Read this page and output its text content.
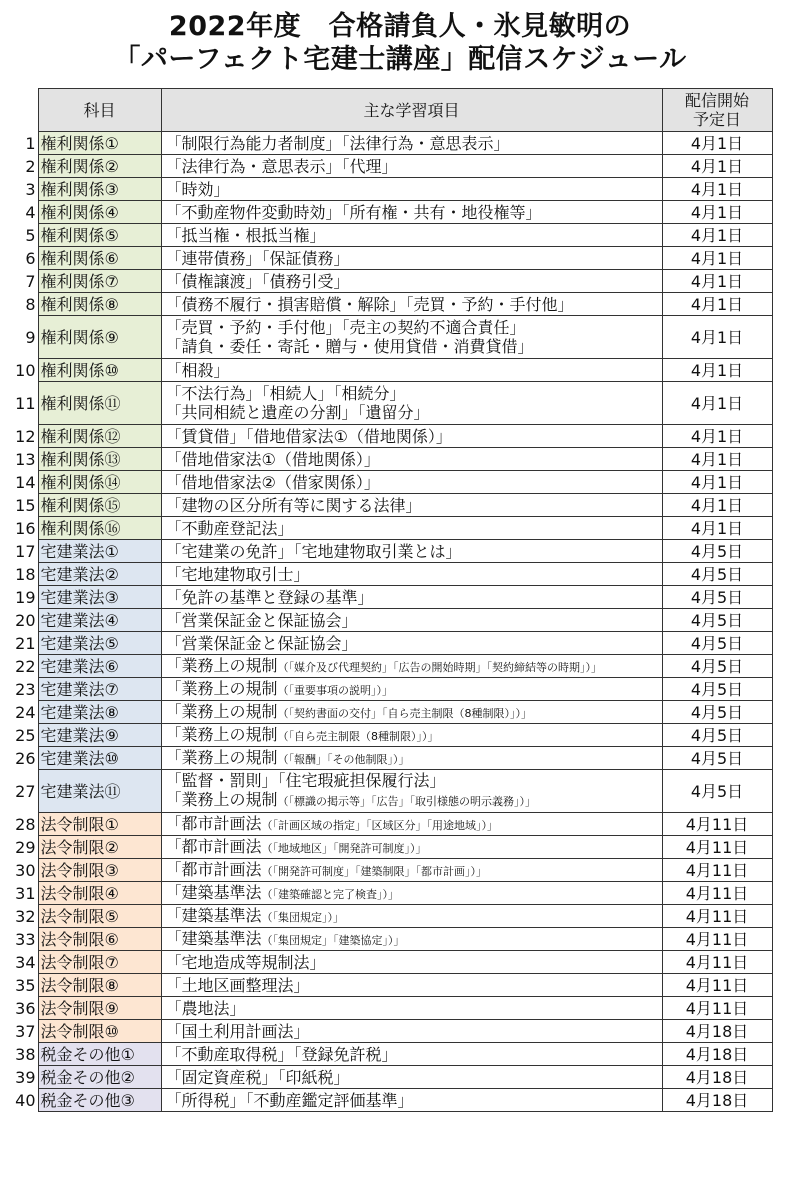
2022年度　合格請負人・氷見敏明の
「パーフェクト宅建士講座」配信スケジュール
	科目	主な学習項目	配信開始
予定日

1	権利関係①	「制限行為能力者制度」「法律行為・意思表示」	4月1日
2	権利関係②	「法律行為・意思表示」「代理」	4月1日
3	権利関係③	「時効」	4月1日
4	権利関係④	「不動産物件変動時効」「所有権・共有・地役権等」	4月1日
5	権利関係⑤	「抵当権・根抵当権」	4月1日
6	権利関係⑥	「連帯債務」「保証債務」	4月1日
7	権利関係⑦	「債権譲渡」「債務引受」	4月1日
8	権利関係⑧	「債務不履行・損害賠償・解除」「売買・予約・手付他」	4月1日
9	権利関係⑨	「売買・予約・手付他」「売主の契約不適合責任」
「請負・委任・寄託・贈与・使用貸借・消費貸借」	4月1日
10	権利関係⑩	「相殺」	4月1日
11	権利関係⑪	「不法行為」「相続人」「相続分」
「共同相続と遺産の分割」「遺留分」	4月1日
12	権利関係⑫	「賃貸借」「借地借家法①（借地関係）」	4月1日
13	権利関係⑬	「借地借家法①（借地関係）」	4月1日
14	権利関係⑭	「借地借家法②（借家関係）」	4月1日
15	権利関係⑮	「建物の区分所有等に関する法律」	4月1日
16	権利関係⑯	「不動産登記法」	4月1日
17	宅建業法①	「宅建業の免許」「宅地建物取引業とは」	4月5日
18	宅建業法②	「宅地建物取引士」	4月5日
19	宅建業法③	「免許の基準と登録の基準」	4月5日
20	宅建業法④	「営業保証金と保証協会」	4月5日
21	宅建業法⑤	「営業保証金と保証協会」	4月5日
22	宅建業法⑥	「業務上の規制（「媒介及び代理契約」「広告の開始時期」「契約締結等の時期」）」	4月5日
23	宅建業法⑦	「業務上の規制（「重要事項の説明」）」	4月5日
24	宅建業法⑧	「業務上の規制（「契約書面の交付」「自ら売主制限（8種制限）」）」	4月5日
25	宅建業法⑨	「業務上の規制（「自ら売主制限（8種制限）」）」	4月5日
26	宅建業法⑩	「業務上の規制（「報酬」「その他制限」）」	4月5日
27	宅建業法⑪	「監督・罰則」「住宅瑕疵担保履行法」
「業務上の規制（「標識の掲示等」「広告」「取引様態の明示義務」）」	4月5日
28	法令制限①	「都市計画法（「計画区域の指定」「区域区分」「用途地域」）」	4月11日
29	法令制限②	「都市計画法（「地域地区」「開発許可制度」）」	4月11日
30	法令制限③	「都市計画法（「開発許可制度」「建築制限」「都市計画」）」	4月11日
31	法令制限④	「建築基準法（「建築確認と完了検査」）」	4月11日
32	法令制限⑤	「建築基準法（「集団規定」）」	4月11日
33	法令制限⑥	「建築基準法（「集団規定」「建築協定」）」	4月11日
34	法令制限⑦	「宅地造成等規制法」	4月11日
35	法令制限⑧	「土地区画整理法」	4月11日
36	法令制限⑨	「農地法」	4月11日
37	法令制限⑩	「国土利用計画法」	4月18日
38	税金その他①	「不動産取得税」「登録免許税」	4月18日
39	税金その他②	「固定資産税」「印紙税」	4月18日
40	税金その他③	「所得税」「不動産鑑定評価基準」	4月18日
